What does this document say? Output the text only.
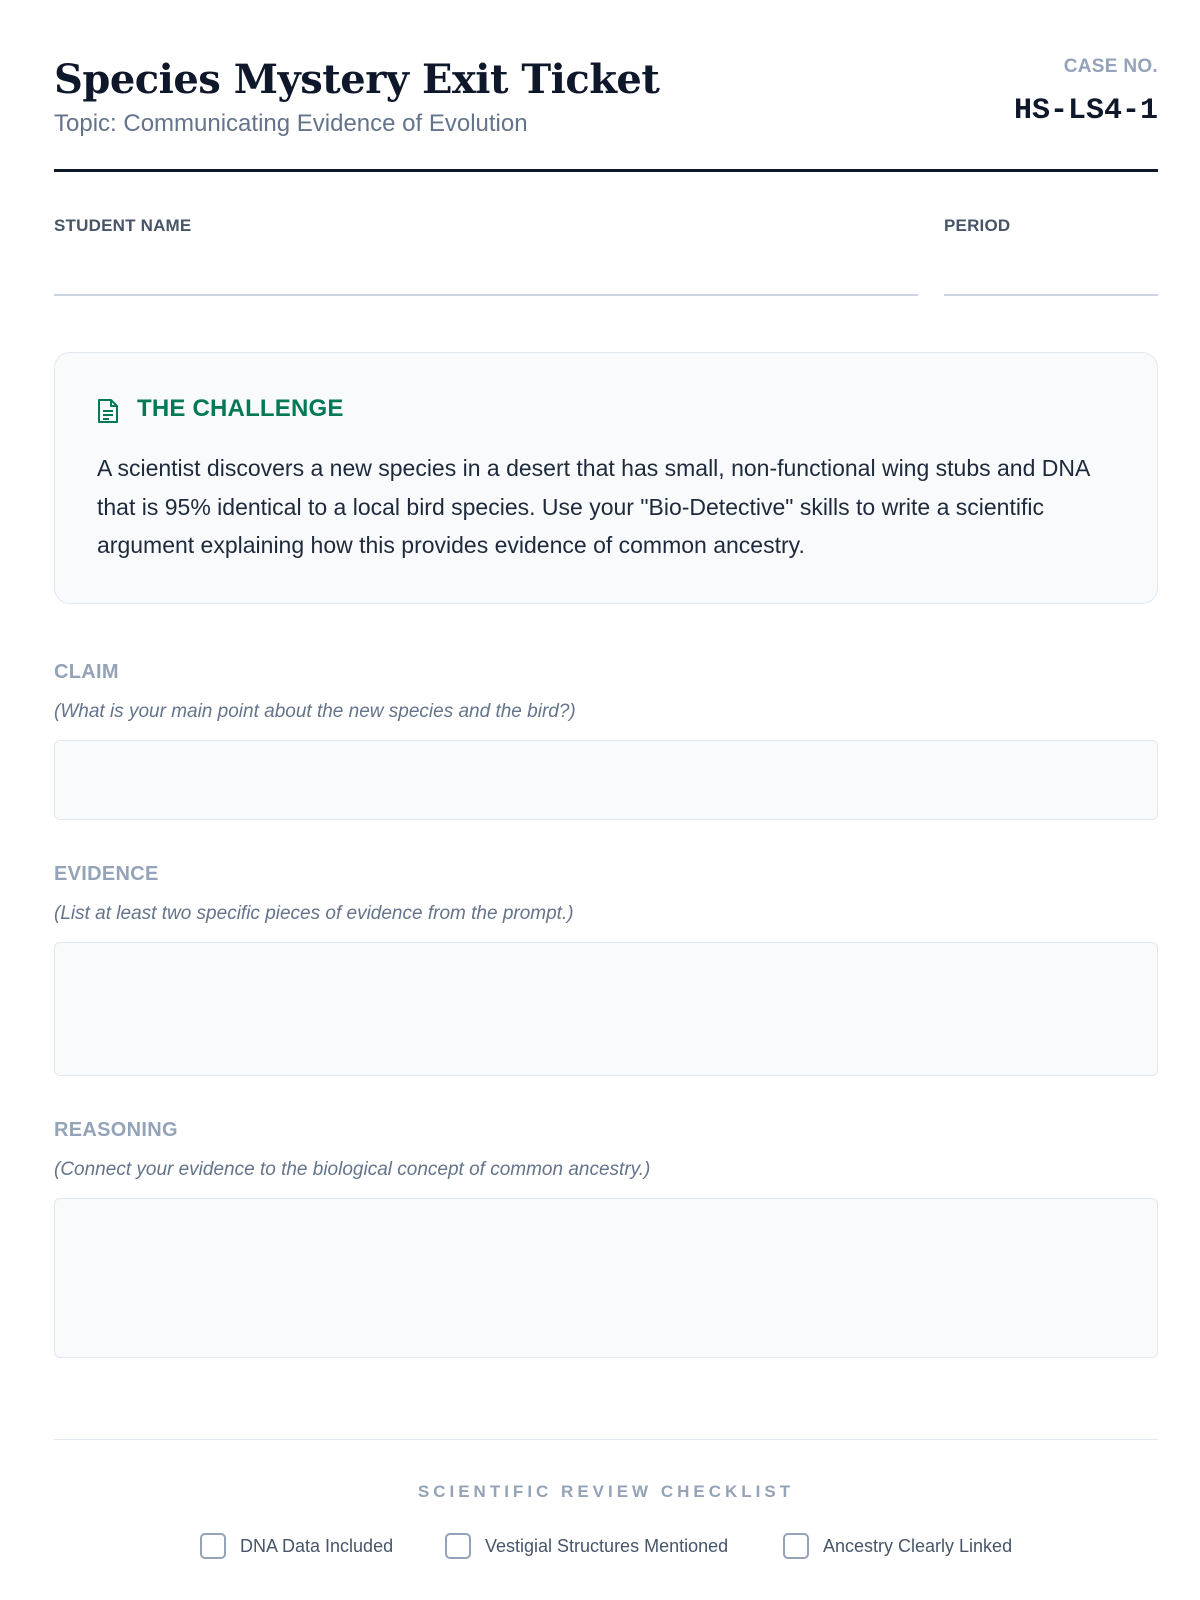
Species Mystery Exit Ticket
Topic: Communicating Evidence of Evolution
CASE NO.
HS-LS4-1
STUDENT NAME	PERIOD
THE CHALLENGE
A scientist discovers a new species in a desert that has small, non-functional wing stubs and DNA that is 95% identical to a local bird species. Use your "Bio-Detective" skills to write a scientific argument explaining how this provides evidence of common ancestry.
CLAIM
(What is your main point about the new species and the bird?)
EVIDENCE
(List at least two specific pieces of evidence from the prompt.)
REASONING
(Connect your evidence to the biological concept of common ancestry.)
SCIENTIFIC REVIEW CHECKLIST
DNA Data Included	Vestigial Structures Mentioned	Ancestry Clearly Linked
